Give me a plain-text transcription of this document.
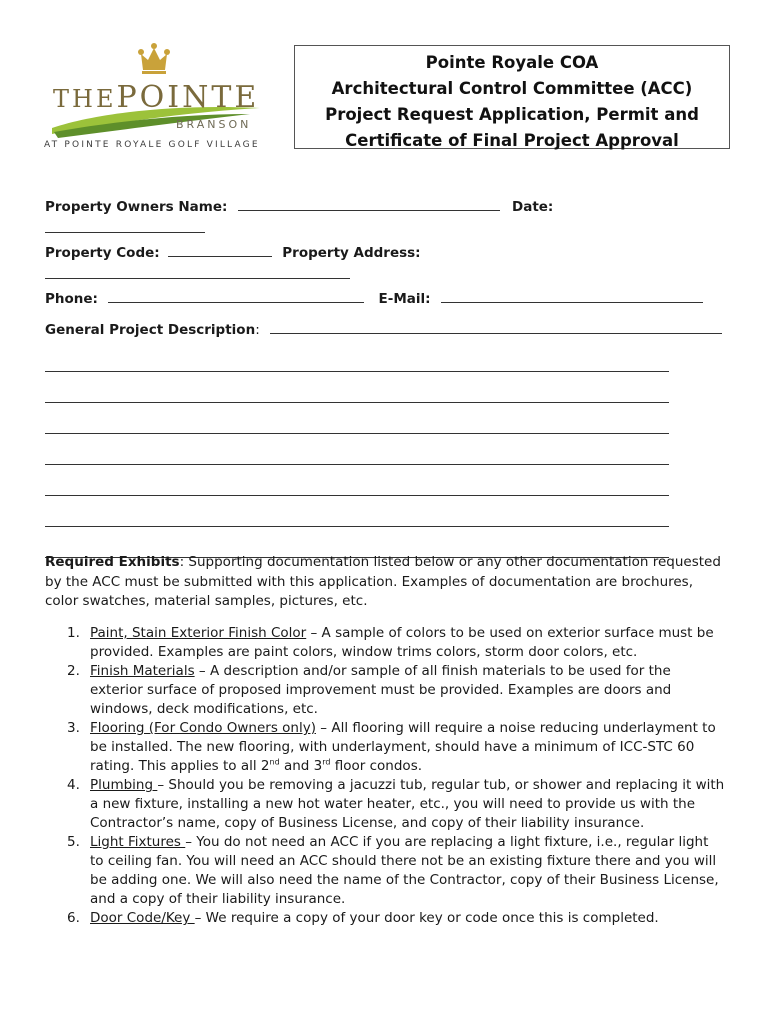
THEPOINTE
BRANSON
AT POINTE ROYALE GOLF VILLAGE
Pointe Royale COA
Architectural Control Committee (ACC)
Project Request Application, Permit and
Certificate of Final Project Approval
Property Owners Name:	Date:
Property Code:	Property Address:
Phone:	E-Mail:
General Project Description:
Required Exhibits: Supporting documentation listed below or any other documentation requested by the ACC must be submitted with this application. Examples of documentation are brochures, color swatches, material samples, pictures, etc.
1. Paint, Stain Exterior Finish Color – A sample of colors to be used on exterior surface must be provided. Examples are paint colors, window trims colors, storm door colors, etc.
2. Finish Materials – A description and/or sample of all finish materials to be used for the exterior surface of proposed improvement must be provided. Examples are doors and windows, deck modifications, etc.
3. Flooring (For Condo Owners only) – All flooring will require a noise reducing underlayment to be installed. The new flooring, with underlayment, should have a minimum of ICC-STC 60 rating. This applies to all 2nd and 3rd floor condos.
4. Plumbing – Should you be removing a jacuzzi tub, regular tub, or shower and replacing it with a new fixture, installing a new hot water heater, etc., you will need to provide us with the Contractor’s name, copy of Business License, and copy of their liability insurance.
5. Light Fixtures – You do not need an ACC if you are replacing a light fixture, i.e., regular light to ceiling fan. You will need an ACC should there not be an existing fixture there and you will be adding one. We will also need the name of the Contractor, copy of their Business License, and a copy of their liability insurance.
6. Door Code/Key – We require a copy of your door key or code once this is completed.
